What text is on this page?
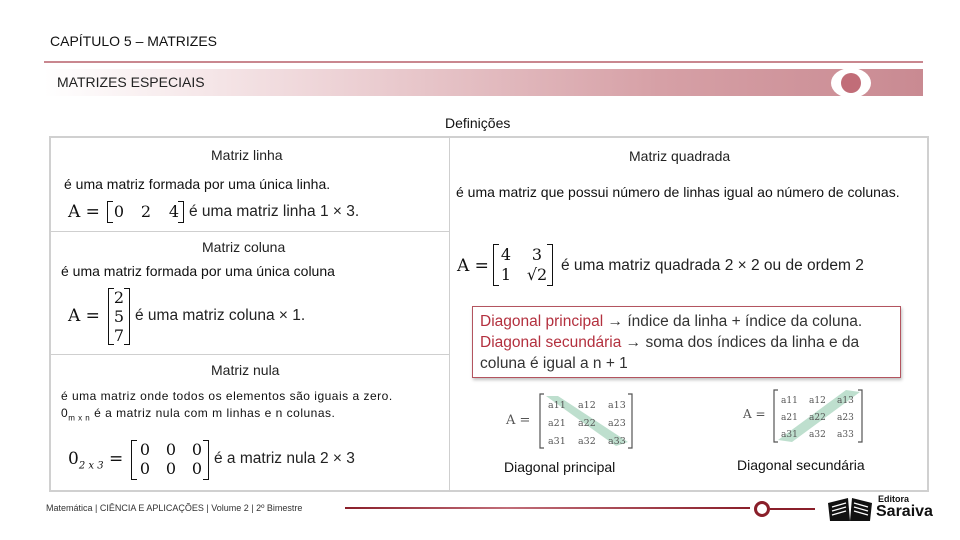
CAPÍTULO 5 – MATRIZES
MATRIZES ESPECIAIS
Definições
Matriz linha
é uma matriz formada por uma única linha.
A = 0 2 4 é uma matriz linha 1 × 3.
Matriz coluna
é uma matriz formada por uma única coluna
A =
2
5
7
é uma matriz coluna × 1.
Matriz nula
é uma matriz onde todos os elementos são iguais a zero.
$0_{m x n}$ é a matriz nula com m linhas e n colunas.
$0_{2 x 3} = 0$ 0 0
0 0 0
é a matriz nula 2 × 3
Matriz quadrada
é uma matriz que possui número de linhas igual ao número de colunas.
A =
4	3
1 √2 é uma matriz quadrada 2 × 2 ou de ordem 2
Diagonal principal → índice da linha + índice da coluna.
Diagonal secundária → soma dos índices da linha e da
coluna é igual a n + 1
A =
a11 a12 a13
a21 a22 a23
a31 a32 a33
Diagonal principal
A =
a11 a12 a13
a21 a22 a23
a31 a32 a33
Diagonal secundária
Matemática | CIÊNCIA E APLICAÇÕES | Volume 2 | 2º Bimestre
Editora
Saraiva
